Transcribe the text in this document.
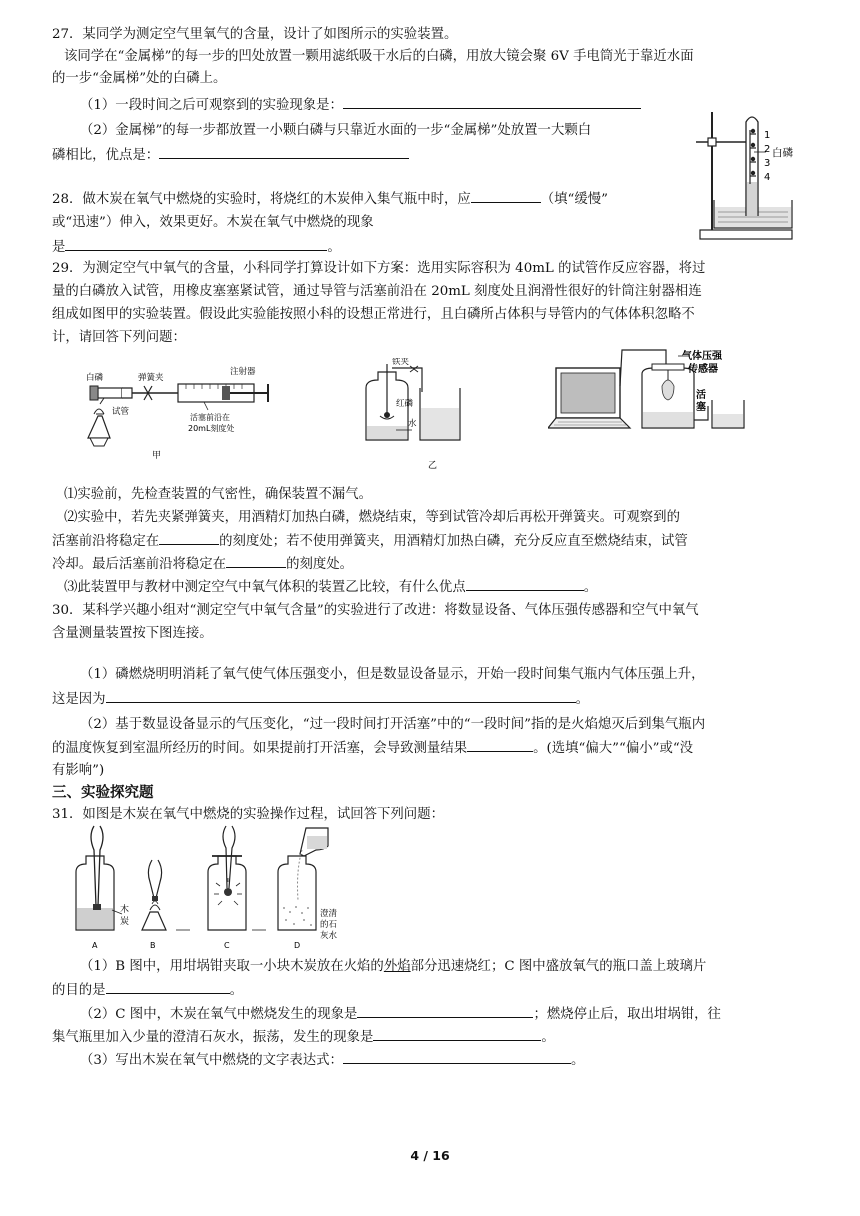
27．某同学为测定空气里氧气的含量，设计了如图所示的实验装置。
该同学在“金属梯”的每一步的凹处放置一颗用滤纸吸干水后的白磷，用放大镜会聚 6V 手电筒光于靠近水面
的一步“金属梯”处的白磷上。
（1）一段时间之后可观察到的实验现象是：
（2）金属梯”的每一步都放置一小颗白磷与只靠近水面的一步“金属梯”处放置一大颗白
磷相比，优点是：
1
2
3
4
白磷
28．做木炭在氧气中燃烧的实验时，将烧红的木炭伸入集气瓶中时，应	（填“缓慢”
或“迅速”）伸入，效果更好。木炭在氧气中燃烧的现象
是	。
29．为测定空气中氧气的含量，小科同学打算设计如下方案：选用实际容积为 40mL 的试管作反应容器，将过
量的白磷放入试管，用橡皮塞塞紧试管，通过导管与活塞前沿在 20mL 刻度处且润滑性很好的针筒注射器相连
组成如图甲的实验装置。假设此实验能按照小科的设想正常进行，且白磷所占体积与导管内的气体体积忽略不
计，请回答下列问题：
白磷	弹簧夹
注射器
试管
活塞前沿在
20mL刻度处
甲
铁夹
红磷
水
乙
气体压强
传感器
活
塞
⑴实验前，先检查装置的气密性，确保装置不漏气。
⑵实验中，若先夹紧弹簧夹，用酒精灯加热白磷，燃烧结束，等到试管冷却后再松开弹簧夹。可观察到的
活塞前沿将稳定在	的刻度处；若不使用弹簧夹，用酒精灯加热白磷，充分反应直至燃烧结束，试管
冷却。最后活塞前沿将稳定在	的刻度处。
⑶此装置甲与教材中测定空气中氧气体积的装置乙比较，有什么优点	。
30．某科学兴趣小组对“测定空气中氧气含量”的实验进行了改进：将数显设备、气体压强传感器和空气中氧气
含量测量装置按下图连接。
（1）磷燃烧明明消耗了氧气使气体压强变小，但是数显设备显示，开始一段时间集气瓶内气体压强上升，
这是因为	。
（2）基于数显设备显示的气压变化，“过一段时间打开活塞”中的“一段时间”指的是火焰熄灭后到集气瓶内
的温度恢复到室温所经历的时间。如果提前打开活塞，会导致测量结果	。(选填“偏大”“偏小”或“没
有影响”)
三、实验探究题
31．如图是木炭在氧气中燃烧的实验操作过程，试回答下列问题：
木
炭
A	B	C
澄清
的石
灰水
D
（1）B 图中，用坩埚钳夹取一小块木炭放在火焰的外焰部分迅速烧红；C 图中盛放氧气的瓶口盖上玻璃片
的目的是	。
（2）C 图中，木炭在氧气中燃烧发生的现象是	；燃烧停止后，取出坩埚钳，往
集气瓶里加入少量的澄清石灰水，振荡，发生的现象是	。
（3）写出木炭在氧气中燃烧的文字表达式：	。
4 / 16
